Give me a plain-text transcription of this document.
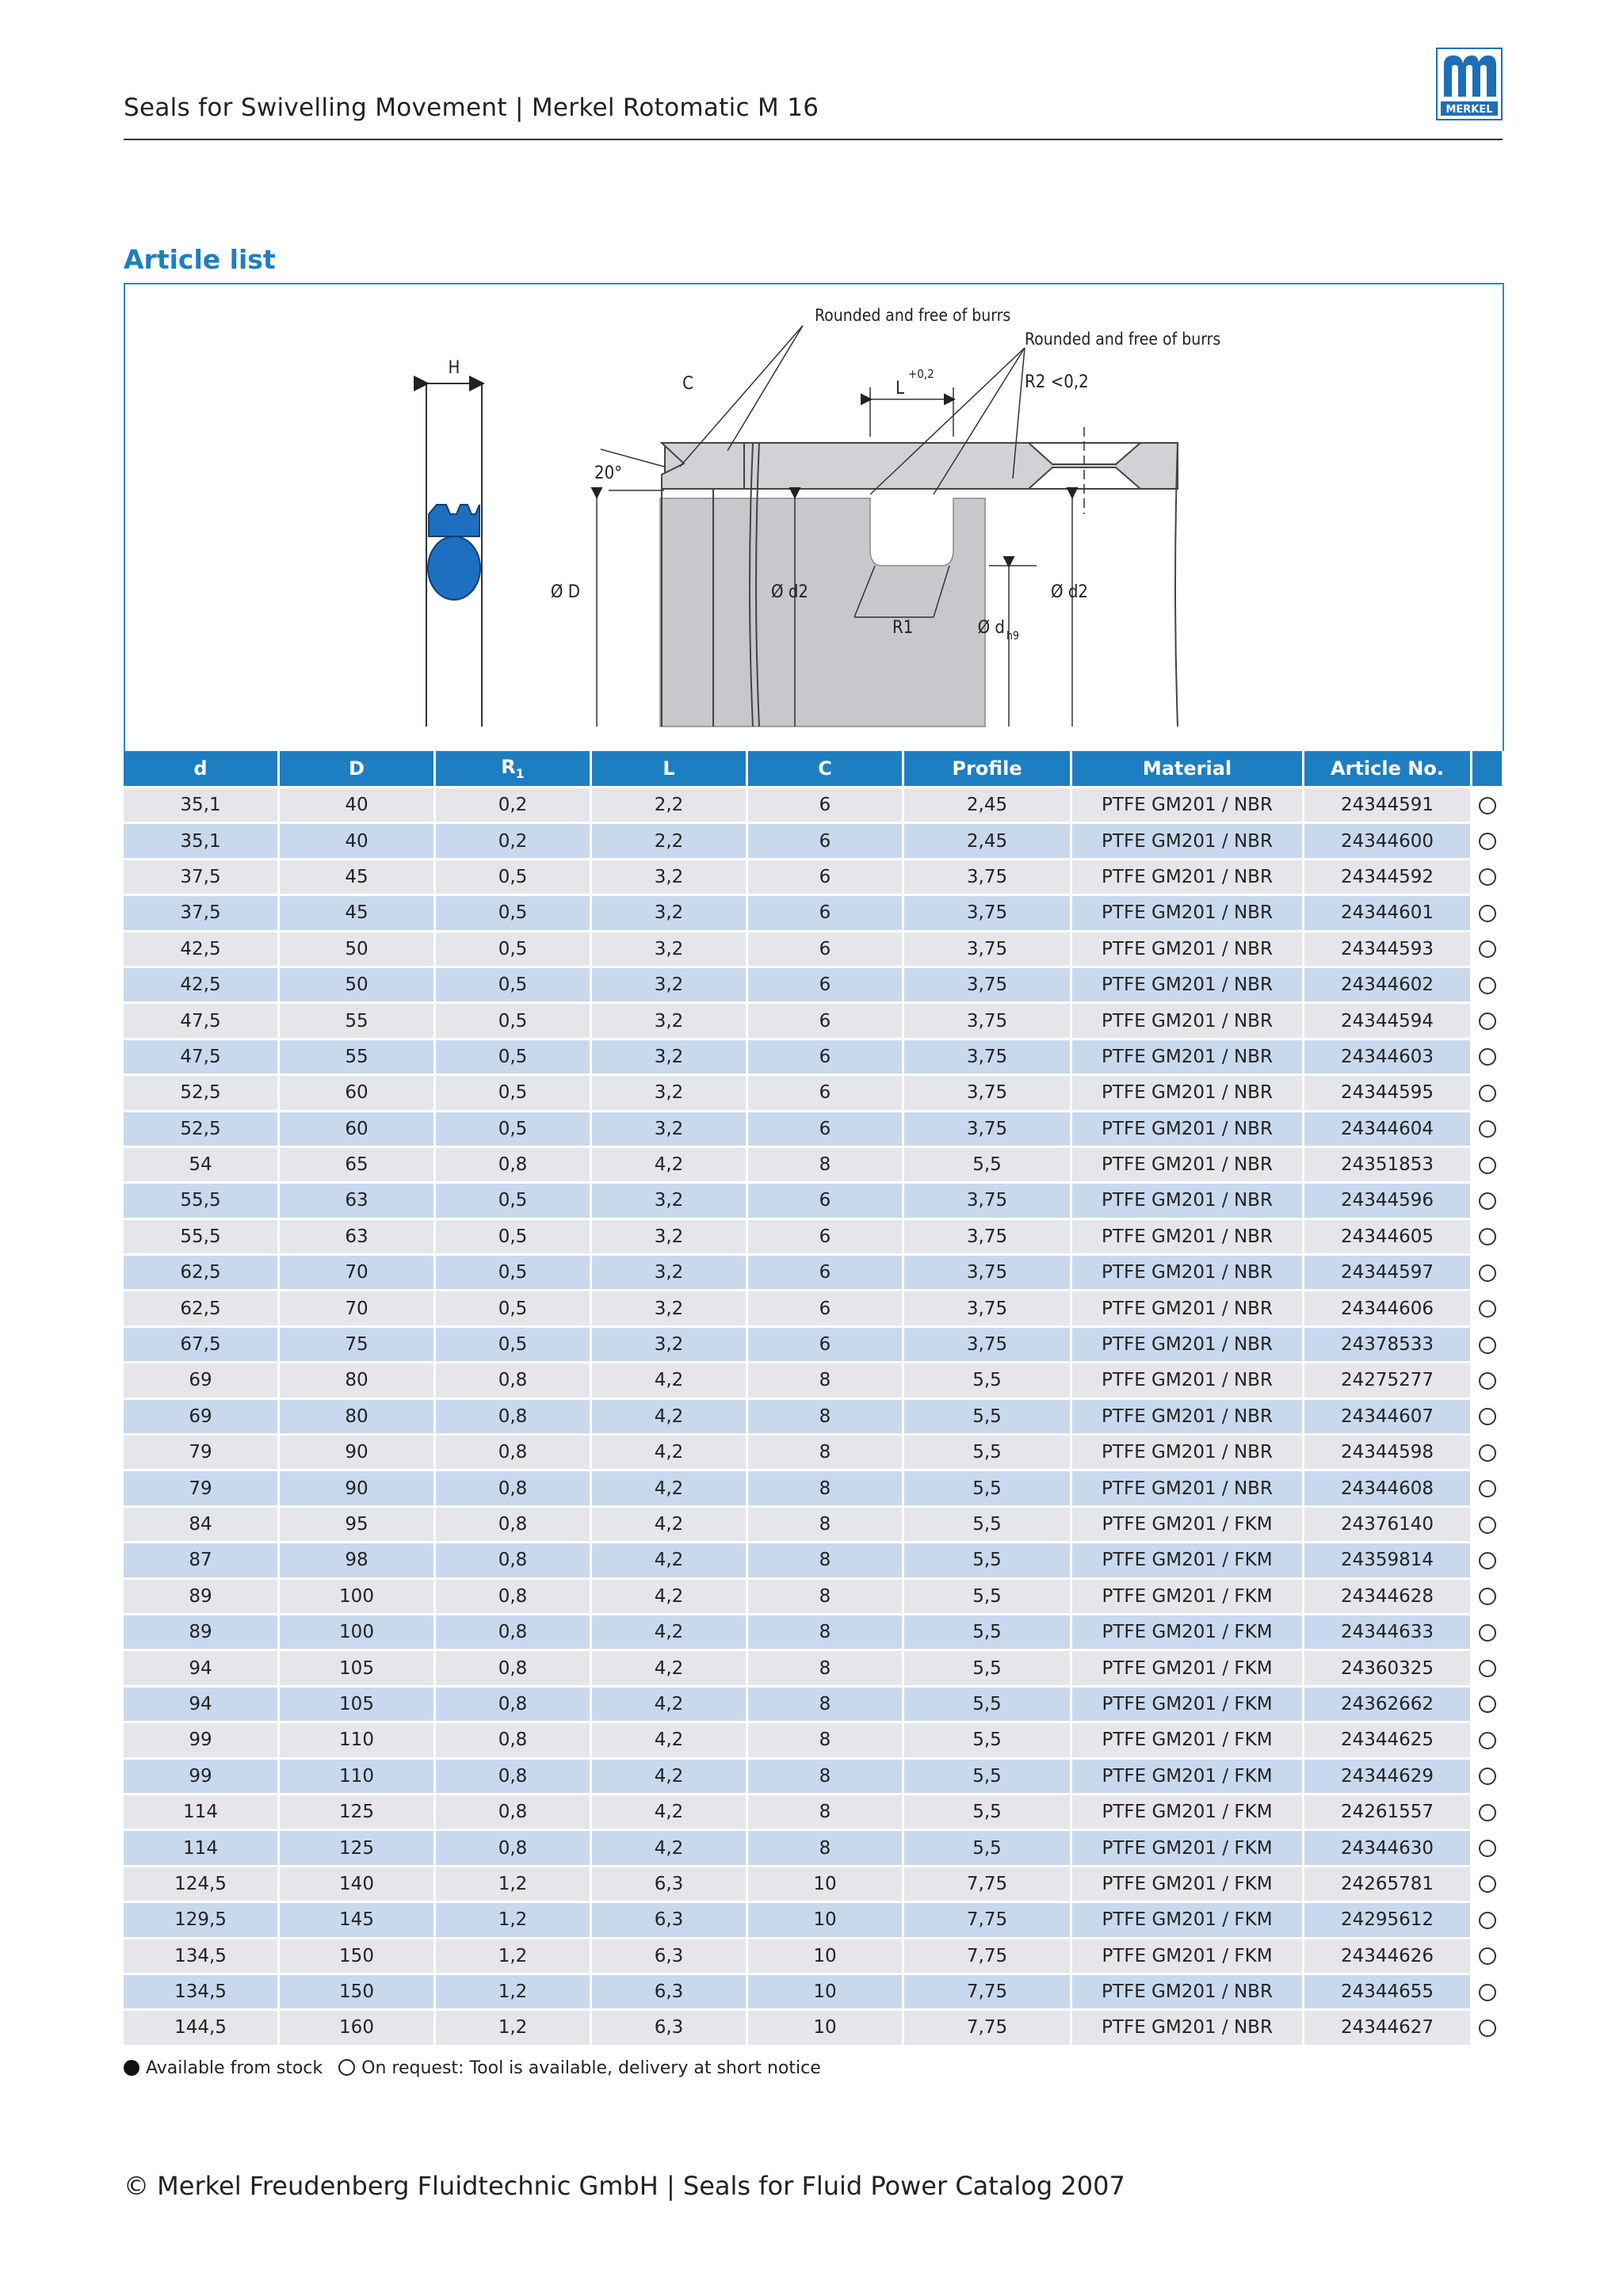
Seals for Swivelling Movement | Merkel Rotomatic M 16	MERKEL
Article list
H
Rounded and free of burrs
Rounded and free of burrs
C	L
+0,2	R2 <0,2
20°
Ø D	Ø d2	Ø d2
R1	Ø d h9
d	D	$R_1$	L	C	Profile	Material	Article No.	
35,1	40	0,2	2,2	6	2,45	PTFE GM201 / NBR	24344591	
35,1	40	0,2	2,2	6	2,45	PTFE GM201 / NBR	24344600	
37,5	45	0,5	3,2	6	3,75	PTFE GM201 / NBR	24344592	
37,5	45	0,5	3,2	6	3,75	PTFE GM201 / NBR	24344601	
42,5	50	0,5	3,2	6	3,75	PTFE GM201 / NBR	24344593	
42,5	50	0,5	3,2	6	3,75	PTFE GM201 / NBR	24344602	
47,5	55	0,5	3,2	6	3,75	PTFE GM201 / NBR	24344594	
47,5	55	0,5	3,2	6	3,75	PTFE GM201 / NBR	24344603	
52,5	60	0,5	3,2	6	3,75	PTFE GM201 / NBR	24344595	
52,5	60	0,5	3,2	6	3,75	PTFE GM201 / NBR	24344604	
54	65	0,8	4,2	8	5,5	PTFE GM201 / NBR	24351853	
55,5	63	0,5	3,2	6	3,75	PTFE GM201 / NBR	24344596	
55,5	63	0,5	3,2	6	3,75	PTFE GM201 / NBR	24344605	
62,5	70	0,5	3,2	6	3,75	PTFE GM201 / NBR	24344597	
62,5	70	0,5	3,2	6	3,75	PTFE GM201 / NBR	24344606	
67,5	75	0,5	3,2	6	3,75	PTFE GM201 / NBR	24378533	
69	80	0,8	4,2	8	5,5	PTFE GM201 / NBR	24275277	
69	80	0,8	4,2	8	5,5	PTFE GM201 / NBR	24344607	
79	90	0,8	4,2	8	5,5	PTFE GM201 / NBR	24344598	
79	90	0,8	4,2	8	5,5	PTFE GM201 / NBR	24344608	
84	95	0,8	4,2	8	5,5	PTFE GM201 / FKM	24376140	
87	98	0,8	4,2	8	5,5	PTFE GM201 / FKM	24359814	
89	100	0,8	4,2	8	5,5	PTFE GM201 / FKM	24344628	
89	100	0,8	4,2	8	5,5	PTFE GM201 / FKM	24344633	
94	105	0,8	4,2	8	5,5	PTFE GM201 / FKM	24360325	
94	105	0,8	4,2	8	5,5	PTFE GM201 / FKM	24362662	
99	110	0,8	4,2	8	5,5	PTFE GM201 / FKM	24344625	
99	110	0,8	4,2	8	5,5	PTFE GM201 / FKM	24344629	
114	125	0,8	4,2	8	5,5	PTFE GM201 / FKM	24261557	
114	125	0,8	4,2	8	5,5	PTFE GM201 / FKM	24344630	
124,5	140	1,2	6,3	10	7,75	PTFE GM201 / FKM	24265781	
129,5	145	1,2	6,3	10	7,75	PTFE GM201 / FKM	24295612	
134,5	150	1,2	6,3	10	7,75	PTFE GM201 / FKM	24344626	
134,5	150	1,2	6,3	10	7,75	PTFE GM201 / NBR	24344655	
144,5	160	1,2	6,3	10	7,75	PTFE GM201 / NBR	24344627	
Available from stock On request: Tool is available, delivery at short notice
© Merkel Freudenberg Fluidtechnic GmbH | Seals for Fluid Power Catalog 2007
